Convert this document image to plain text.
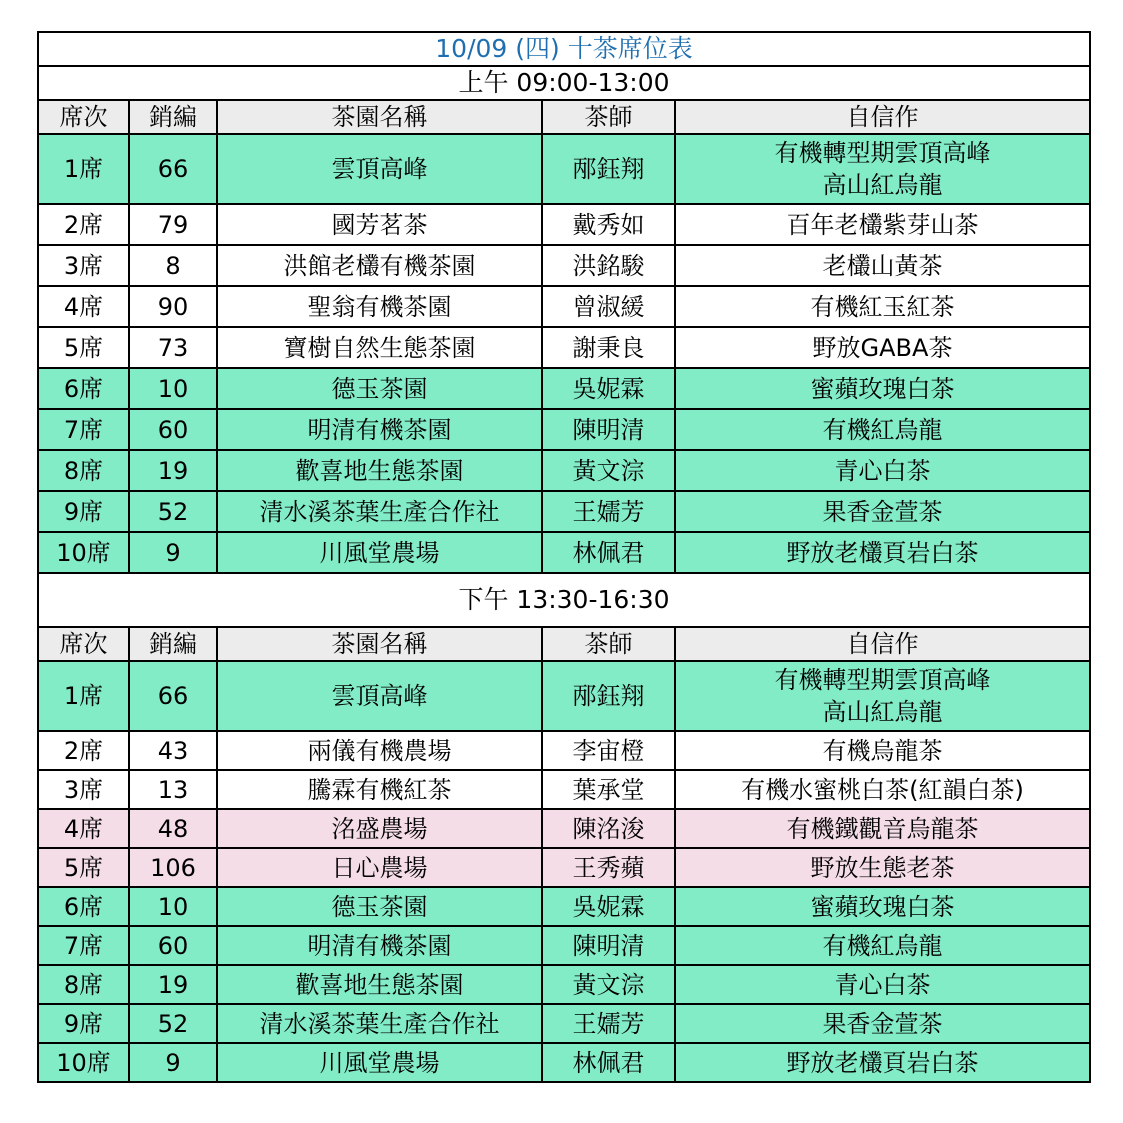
10/09 (四) 十茶席位表				
上午 09:00-13:00				
席次	銷編	茶園名稱	茶師	自信作
1席	66	雲頂高峰	邴鈺翔	有機轉型期雲頂高峰
高山紅烏龍
2席	79	國芳茗茶	戴秀如	百年老欉紫芽山茶
3席	8	洪館老欉有機茶園	洪銘駿	老欉山黃茶
4席	90	聖翁有機茶園	曾淑緩	有機紅玉紅茶
5席	73	寶樹自然生態茶園	謝秉良	野放GABA茶
6席	10	德玉茶園	吳妮霖	蜜蘋玫瑰白茶
7席	60	明清有機茶園	陳明清	有機紅烏龍
8席	19	歡喜地生態茶園	黃文淙	青心白茶
9席	52	清水溪茶葉生產合作社	王嬬芳	果香金萱茶
10席	9	川風堂農場	林佩君	野放老欉頁岩白茶
下午 13:30-16:30				
席次	銷編	茶園名稱	茶師	自信作
1席	66	雲頂高峰	邴鈺翔	有機轉型期雲頂高峰
高山紅烏龍
2席	43	兩儀有機農場	李宙橙	有機烏龍茶
3席	13	騰霖有機紅茶	葉承堂	有機水蜜桃白茶(紅韻白茶)
4席	48	洺盛農場	陳洺浚	有機鐵觀音烏龍茶
5席	106	日心農場	王秀蘋	野放生態老茶
6席	10	德玉茶園	吳妮霖	蜜蘋玫瑰白茶
7席	60	明清有機茶園	陳明清	有機紅烏龍
8席	19	歡喜地生態茶園	黃文淙	青心白茶
9席	52	清水溪茶葉生產合作社	王嬬芳	果香金萱茶
10席	9	川風堂農場	林佩君	野放老欉頁岩白茶
